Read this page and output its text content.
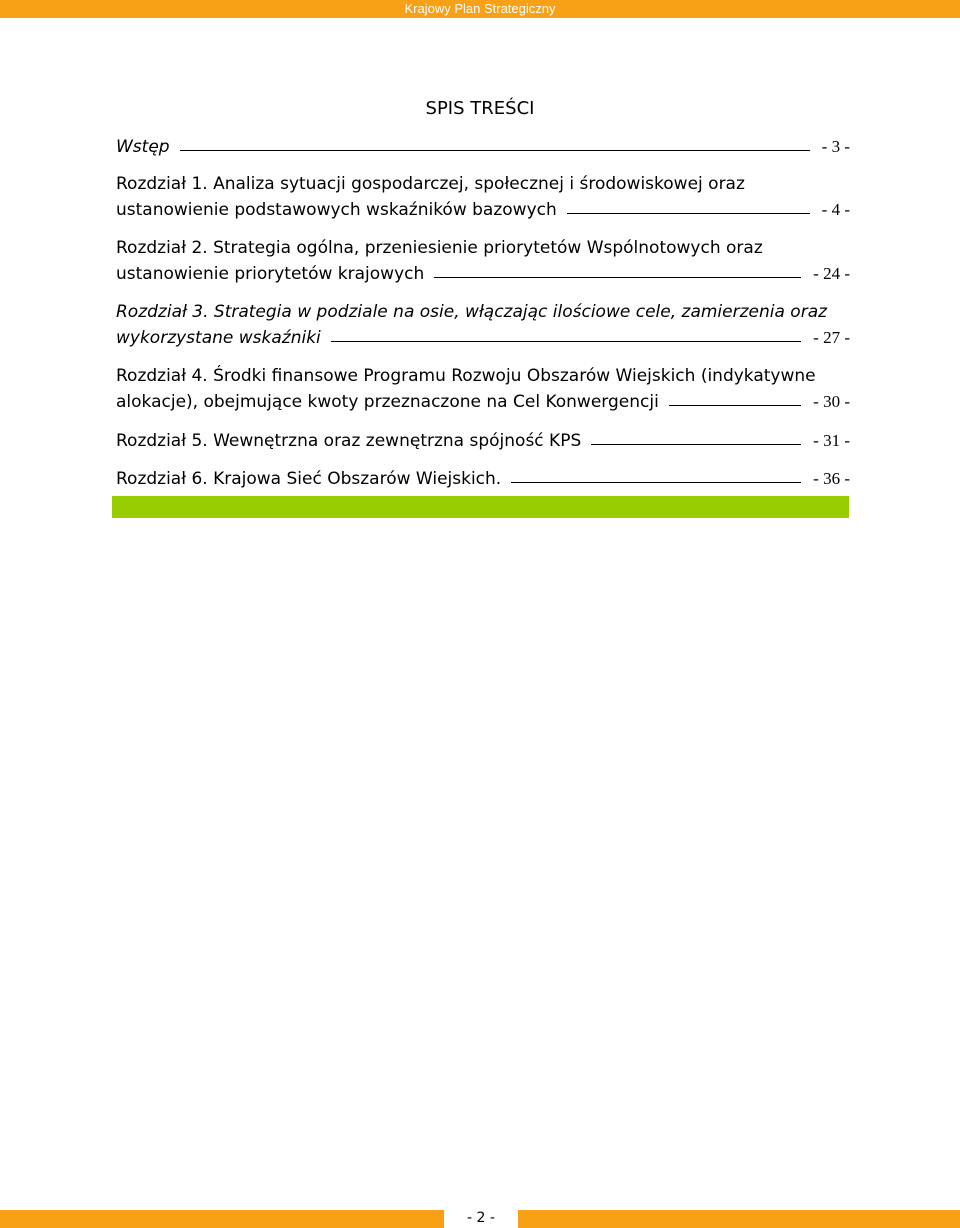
Krajowy Plan Strategiczny
SPIS TREŚCI
Wstęp	- 3 -
Rozdział 1. Analiza sytuacji gospodarczej, społecznej i środowiskowej oraz
ustanowienie podstawowych wskaźników bazowych	- 4 -
Rozdział 2. Strategia ogólna, przeniesienie priorytetów Wspólnotowych oraz
ustanowienie priorytetów krajowych	- 24 -
Rozdział 3. Strategia w podziale na osie, włączając ilościowe cele, zamierzenia oraz
wykorzystane wskaźniki	- 27 -
Rozdział 4. Środki finansowe Programu Rozwoju Obszarów Wiejskich (indykatywne
alokacje), obejmujące kwoty przeznaczone na Cel Konwergencji	- 30 -
Rozdział 5. Wewnętrzna oraz zewnętrzna spójność KPS	- 31 -
Rozdział 6. Krajowa Sieć Obszarów Wiejskich.	- 36 -
- 2 -
